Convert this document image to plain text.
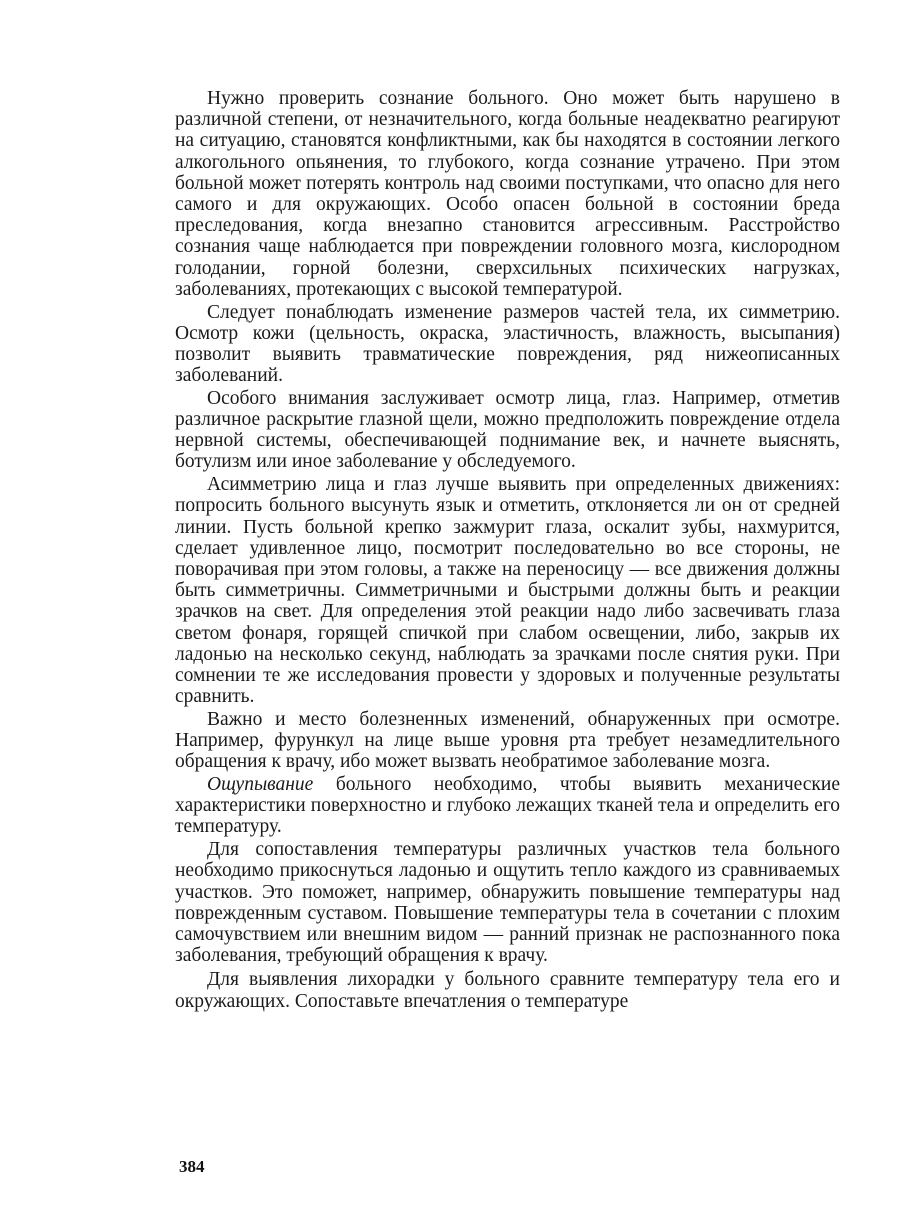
Нужно проверить сознание больного. Оно может быть нарушено в различной степени, от незначительного, когда больные неадекватно реагируют на ситуацию, становятся конфликтными, как бы находятся в состоянии легкого алкогольного опьянения, то глубокого, когда сознание утрачено. При этом больной может потерять контроль над своими поступками, что опасно для него самого и для окружающих. Особо опасен больной в состоянии бреда преследования, когда внезапно становится агрессивным. Расстройство сознания чаще наблюдается при повреждении головного мозга, кислородном голодании, горной болезни, сверхсильных психических нагрузках, заболеваниях, протекающих с высокой температурой.

Следует понаблюдать изменение размеров частей тела, их симметрию. Осмотр кожи (цельность, окраска, эластичность, влажность, высыпания) позволит выявить травматические повреждения, ряд нижеописанных заболеваний.

Особого внимания заслуживает осмотр лица, глаз. Например, отметив различное раскрытие глазной щели, можно предположить повреждение отдела нервной системы, обеспечивающей поднимание век, и начнете выяснять, ботулизм или иное заболевание у обследуемого.

Асимметрию лица и глаз лучше выявить при определенных движениях: попросить больного высунуть язык и отметить, отклоняется ли он от средней линии. Пусть больной крепко зажмурит глаза, оскалит зубы, нахмурится, сделает удивленное лицо, посмотрит последовательно во все стороны, не поворачивая при этом головы, а также на переносицу — все движения должны быть симметричны. Симметричными и быстрыми должны быть и реакции зрачков на свет. Для определения этой реакции надо либо засвечивать глаза светом фонаря, горящей спичкой при слабом освещении, либо, закрыв их ладонью на несколько секунд, наблюдать за зрачками после снятия руки. При сомнении те же исследования провести у здоровых и полученные результаты сравнить.

Важно и место болезненных изменений, обнаруженных при осмотре. Например, фурункул на лице выше уровня рта требует незамедлительного обращения к врачу, ибо может вызвать необратимое заболевание мозга.

Ощупывание больного необходимо, чтобы выявить механические характеристики поверхностно и глубоко лежащих тканей тела и определить его температуру.

Для сопоставления температуры различных участков тела больного необходимо прикоснуться ладонью и ощутить тепло каждого из сравниваемых участков. Это поможет, например, обнаружить повышение температуры над поврежденным суставом. Повышение температуры тела в сочетании с плохим самочувствием или внешним видом — ранний признак не распознанного пока заболевания, требующий обращения к врачу.

Для выявления лихорадки у больного сравните температуру тела его и окружающих. Сопоставьте впечатления о температуре

384
